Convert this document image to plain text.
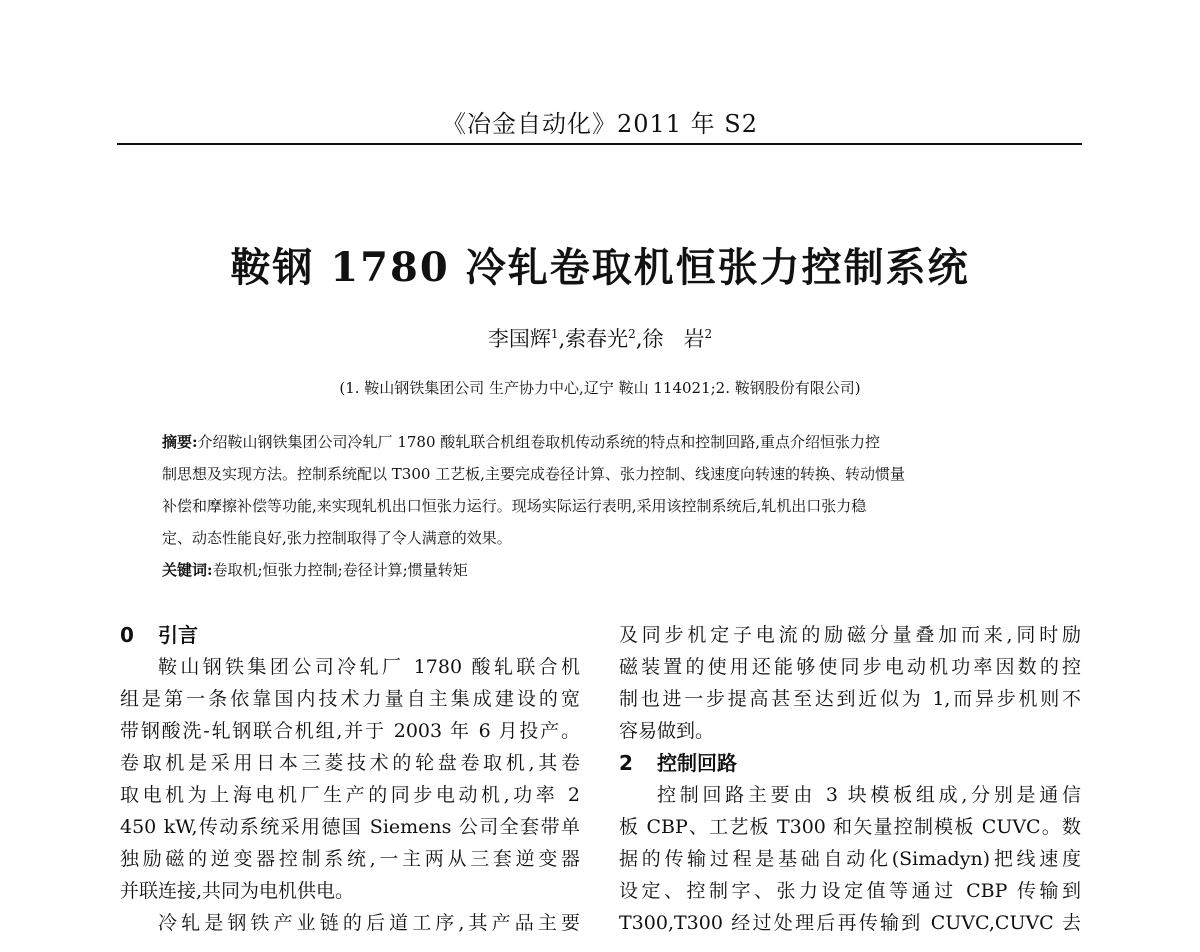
《冶金自动化》2011 年 S2
鞍钢 1780 冷轧卷取机恒张力控制系统
李国辉$^1$,索春光$^2$,徐 岩$^2$
(1. 鞍山钢铁集团公司 生产协力中心,辽宁 鞍山 114021;2. 鞍钢股份有限公司)
摘要:介绍鞍山钢铁集团公司冷轧厂 1780 酸轧联合机组卷取机传动系统的特点和控制回路,重点介绍恒张力控
制思想及实现方法。控制系统配以 T300 工艺板,主要完成卷径计算、张力控制、线速度向转速的转换、转动惯量
补偿和摩擦补偿等功能,来实现轧机出口恒张力运行。现场实际运行表明,采用该控制系统后,轧机出口张力稳
定、动态性能良好,张力控制取得了令人满意的效果。
关键词:卷取机;恒张力控制;卷径计算;惯量转矩
0 引言
鞍山钢铁集团公司冷轧厂 1780 酸轧联合机
组是第一条依靠国内技术力量自主集成建设的宽
带钢酸洗-轧钢联合机组,并于 2003 年 6 月投产。
卷取机是采用日本三菱技术的轮盘卷取机,其卷
取电机为上海电机厂生产的同步电动机,功率 2
450 kW,传动系统采用德国 Siemens 公司全套带单
独励磁的逆变器控制系统,一主两从三套逆变器
并联连接,共同为电机供电。
冷轧是钢铁产业链的后道工序,其产品主要
及同步机定子电流的励磁分量叠加而来,同时励
磁装置的使用还能够使同步电动机功率因数的控
制也进一步提高甚至达到近似为 1,而异步机则不
容易做到。
2 控制回路
控制回路主要由 3 块模板组成,分别是通信
板 CBP、工艺板 T300 和矢量控制模板 CUVC。数
据的传输过程是基础自动化(Simadyn)把线速度
设定、控制字、张力设定值等通过 CBP 传输到
T300,T300 经过处理后再传输到 CUVC,CUVC 去
